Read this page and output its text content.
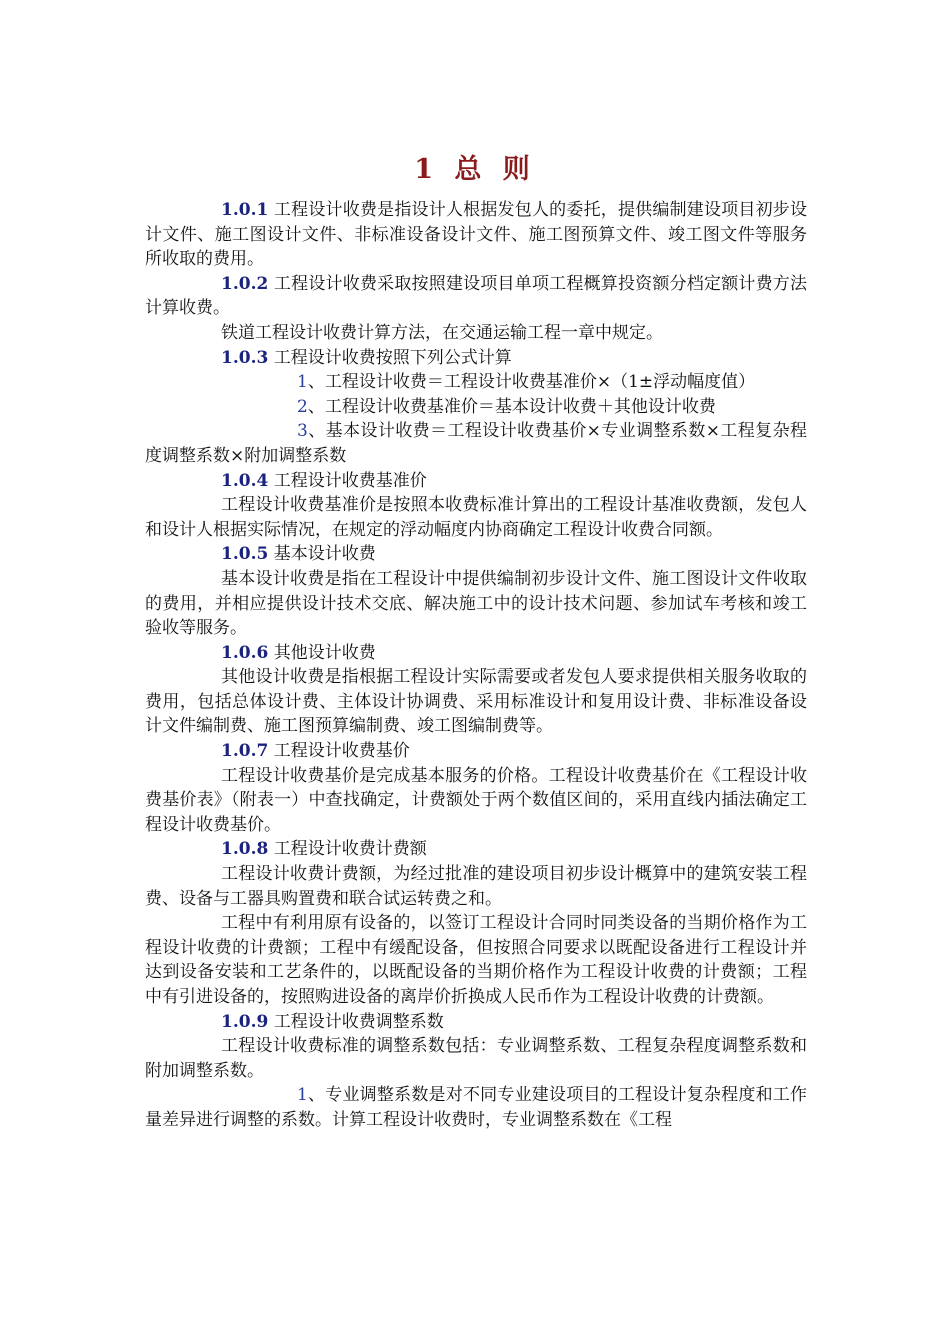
1 总 则

1.0.1 工程设计收费是指设计人根据发包人的委托，提供编制建设项目初步设计文件、施工图设计文件、非标准设备设计文件、施工图预算文件、竣工图文件等服务所收取的费用。

1.0.2 工程设计收费采取按照建设项目单项工程概算投资额分档定额计费方法计算收费。

铁道工程设计收费计算方法，在交通运输工程一章中规定。

1.0.3 工程设计收费按照下列公式计算

1、工程设计收费＝工程设计收费基准价×（1±浮动幅度值）

2、工程设计收费基准价＝基本设计收费＋其他设计收费

3、基本设计收费＝工程设计收费基价×专业调整系数×工程复杂程度调整系数×附加调整系数

1.0.4 工程设计收费基准价

工程设计收费基准价是按照本收费标准计算出的工程设计基准收费额，发包人和设计人根据实际情况，在规定的浮动幅度内协商确定工程设计收费合同额。

1.0.5 基本设计收费

基本设计收费是指在工程设计中提供编制初步设计文件、施工图设计文件收取的费用，并相应提供设计技术交底、解决施工中的设计技术问题、参加试车考核和竣工验收等服务。

1.0.6 其他设计收费

其他设计收费是指根据工程设计实际需要或者发包人要求提供相关服务收取的费用，包括总体设计费、主体设计协调费、采用标准设计和复用设计费、非标准设备设计文件编制费、施工图预算编制费、竣工图编制费等。

1.0.7 工程设计收费基价

工程设计收费基价是完成基本服务的价格。工程设计收费基价在《工程设计收费基价表》（附表一）中查找确定，计费额处于两个数值区间的，采用直线内插法确定工程设计收费基价。

1.0.8 工程设计收费计费额

工程设计收费计费额，为经过批准的建设项目初步设计概算中的建筑安装工程费、设备与工器具购置费和联合试运转费之和。

工程中有利用原有设备的，以签订工程设计合同时同类设备的当期价格作为工程设计收费的计费额；工程中有缓配设备，但按照合同要求以既配设备进行工程设计并达到设备安装和工艺条件的，以既配设备的当期价格作为工程设计收费的计费额；工程中有引进设备的，按照购进设备的离岸价折换成人民币作为工程设计收费的计费额。

1.0.9 工程设计收费调整系数

工程设计收费标准的调整系数包括：专业调整系数、工程复杂程度调整系数和附加调整系数。

1、专业调整系数是对不同专业建设项目的工程设计复杂程度和工作量差异进行调整的系数。计算工程设计收费时，专业调整系数在《工程
